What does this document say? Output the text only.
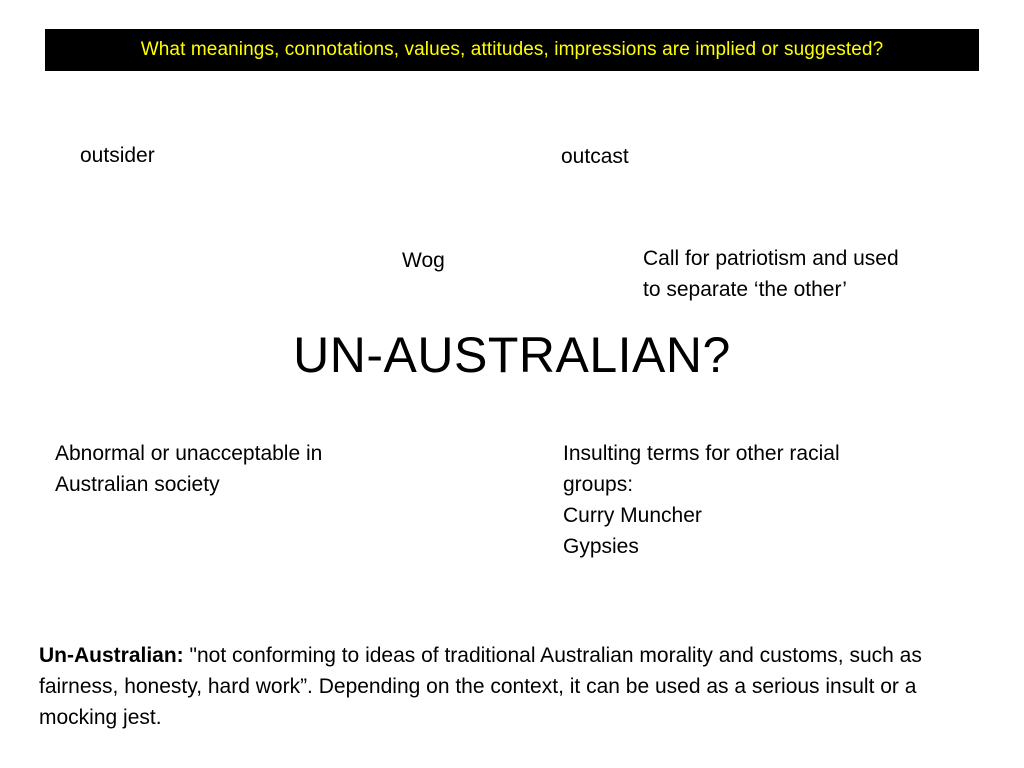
What meanings, connotations, values, attitudes, impressions are implied or suggested?
outsider	outcast
Wog	Call for patriotism and used
to separate ‘the other’
UN-AUSTRALIAN?
Abnormal or unacceptable in
Australian society
Insulting terms for other racial
groups:
Curry Muncher
Gypsies
Un-Australian: "not conforming to ideas of traditional Australian morality and customs, such as fairness, honesty, hard work”. Depending on the context, it can be used as a serious insult or a mocking jest.
